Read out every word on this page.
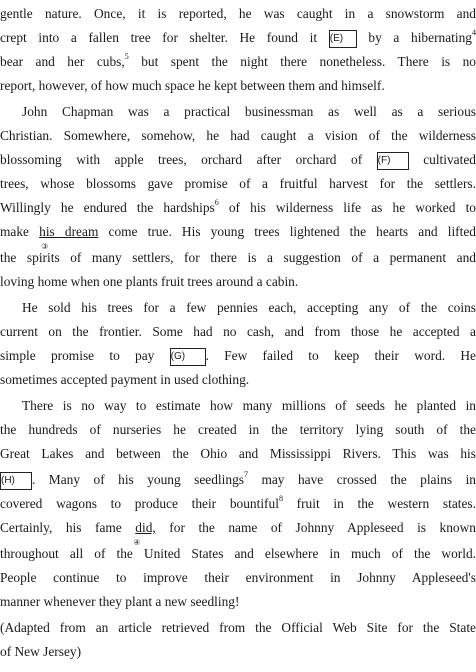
gentle nature. Once, it is reported, he was caught in a snowstorm and
crept into a fallen tree for shelter. He found it (E) by a hibernating$^4$
bear and her cubs,$^5$ but spent the night there nonetheless. There is no
report, however, of how much space he kept between them and himself.
John Chapman was a practical businessman as well as a serious
Christian. Somewhere, somehow, he had caught a vision of the wilderness
blossoming with apple trees, orchard after orchard of (F) cultivated
trees, whose blossoms gave promise of a fruitful harvest for the settlers.
Willingly he endured the hardships$^6$ of his wilderness life as he worked to
make his dream
③
come true. His young trees lightened the hearts and lifted
the spirits of many settlers, for there is a suggestion of a permanent and
loving home when one plants fruit trees around a cabin.
He sold his trees for a few pennies each, accepting any of the coins
current on the frontier. Some had no cash, and from those he accepted a
simple promise to pay (G) . Few failed to keep their word. He
sometimes accepted payment in used clothing.
There is no way to estimate how many millions of seeds he planted in
the hundreds of nurseries he created in the territory lying south of the
Great Lakes and between the Ohio and Mississippi Rivers. This was his
(H) . Many of his young seedlings$^7$ may have crossed the plains in
covered wagons to produce their bountiful$^8$ fruit in the western states.
Certainly, his fame did,
④
for the name of Johnny Appleseed is known
throughout all of the United States and elsewhere in much of the world.
People continue to improve their environment in Johnny Appleseed's
manner whenever they plant a new seedling!
(Adapted from an article retrieved from the Official Web Site for the State
of New Jersey)
